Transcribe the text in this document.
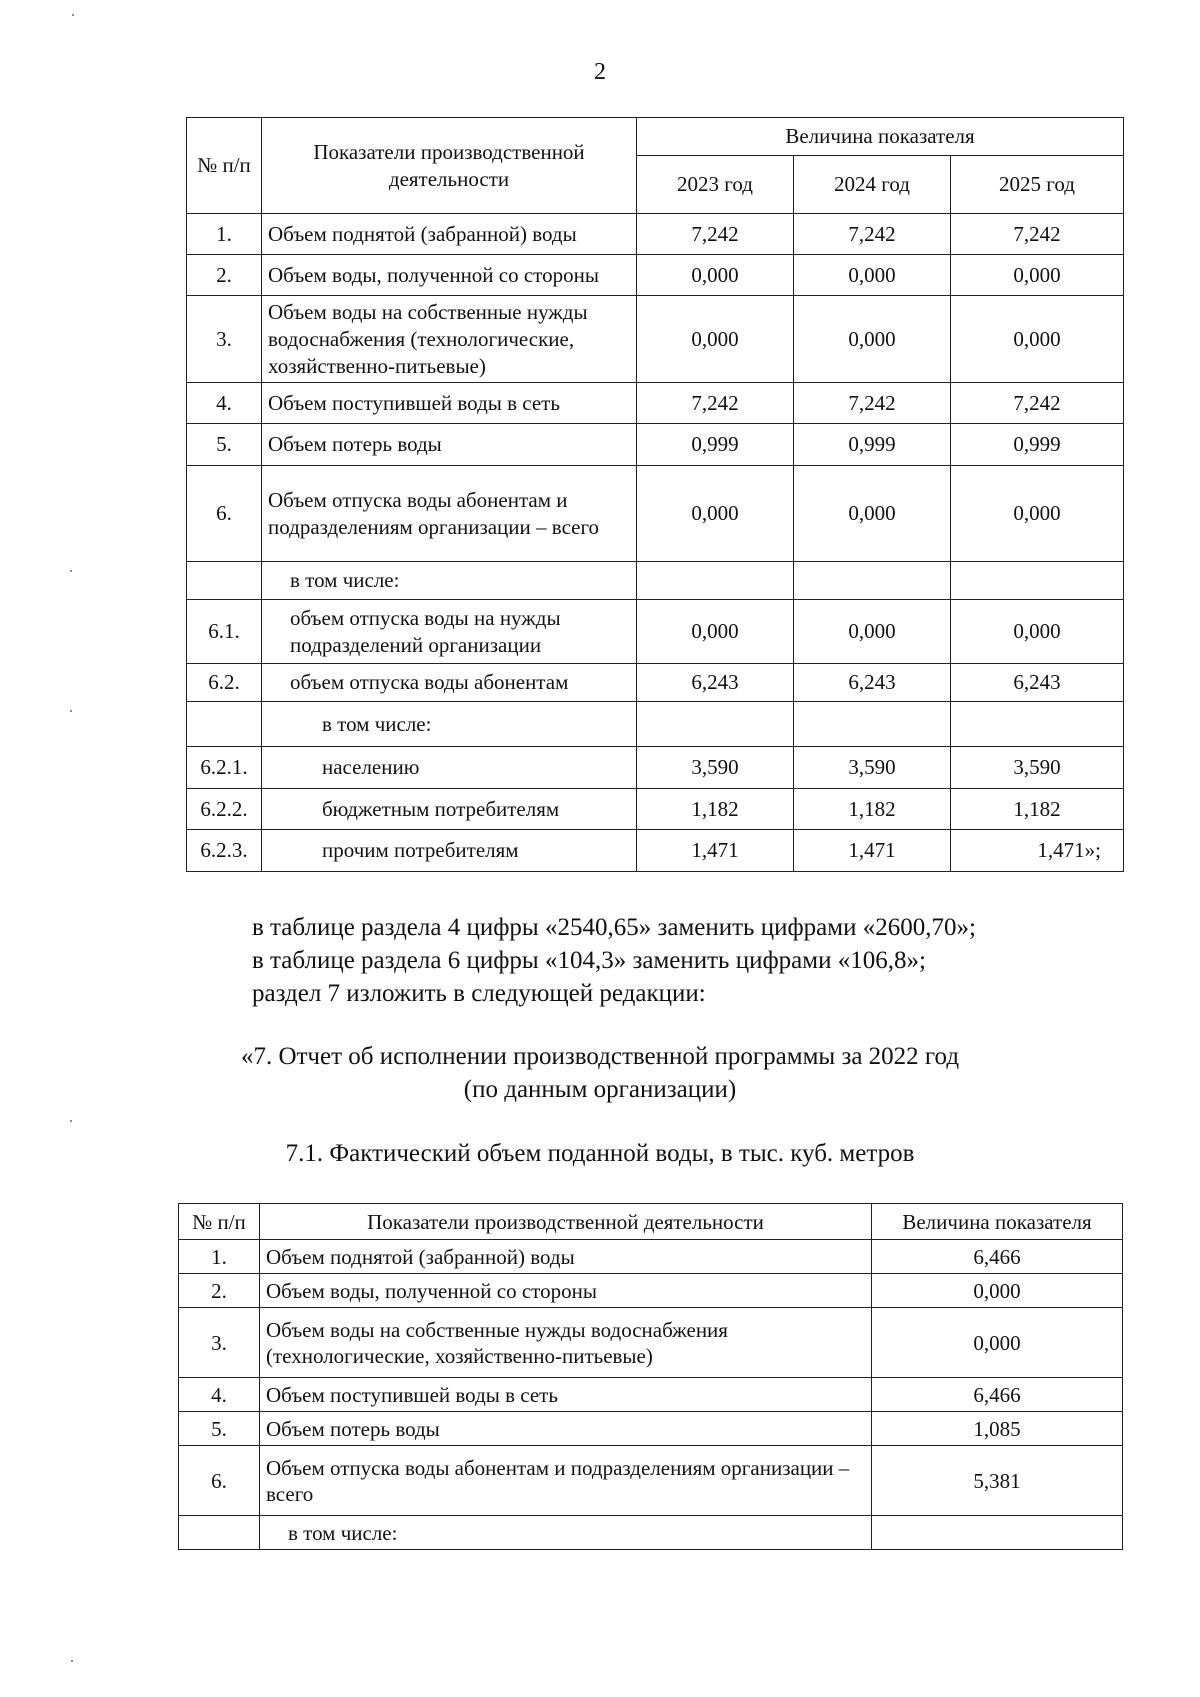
2
№ п/п	Показатели производственной деятельности	Величина показателя		
		2023 год	2024 год	2025 год
1.	Объем поднятой (забранной) воды	7,242	7,242	7,242
2.	Объем воды, полученной со стороны	0,000	0,000	0,000
3.	Объем воды на собственные нужды водоснабжения (технологические, хозяйственно-питьевые)	0,000	0,000	0,000
4.	Объем поступившей воды в сеть	7,242	7,242	7,242
5.	Объем потерь воды	0,999	0,999	0,999
6.	Объем отпуска воды абонентам и подразделениям организации – всего	0,000	0,000	0,000
	в том числе:			
6.1.	объем отпуска воды на нужды подразделений организации	0,000	0,000	0,000
6.2.	объем отпуска воды абонентам	6,243	6,243	6,243
	в том числе:			
6.2.1.	населению	3,590	3,590	3,590
6.2.2.	бюджетным потребителям	1,182	1,182	1,182
6.2.3.	прочим потребителям	1,471	1,471	1,471»;

в таблице раздела 4 цифры «2540,65» заменить цифрами «2600,70»;

в таблице раздела 6 цифры «104,3» заменить цифрами «106,8»;

раздел 7 изложить в следующей редакции:

«7. Отчет об исполнении производственной программы за 2022 год

(по данным организации)

7.1. Фактический объем поданной воды, в тыс. куб. метров
№ п/п	Показатели производственной деятельности	Величина показателя
1.	Объем поднятой (забранной) воды	6,466
2.	Объем воды, полученной со стороны	0,000
3.	Объем воды на собственные нужды водоснабжения (технологические, хозяйственно-питьевые)	0,000
4.	Объем поступившей воды в сеть	6,466
5.	Объем потерь воды	1,085
6.	Объем отпуска воды абонентам и подразделениям организации – всего	5,381
	в том числе:	
